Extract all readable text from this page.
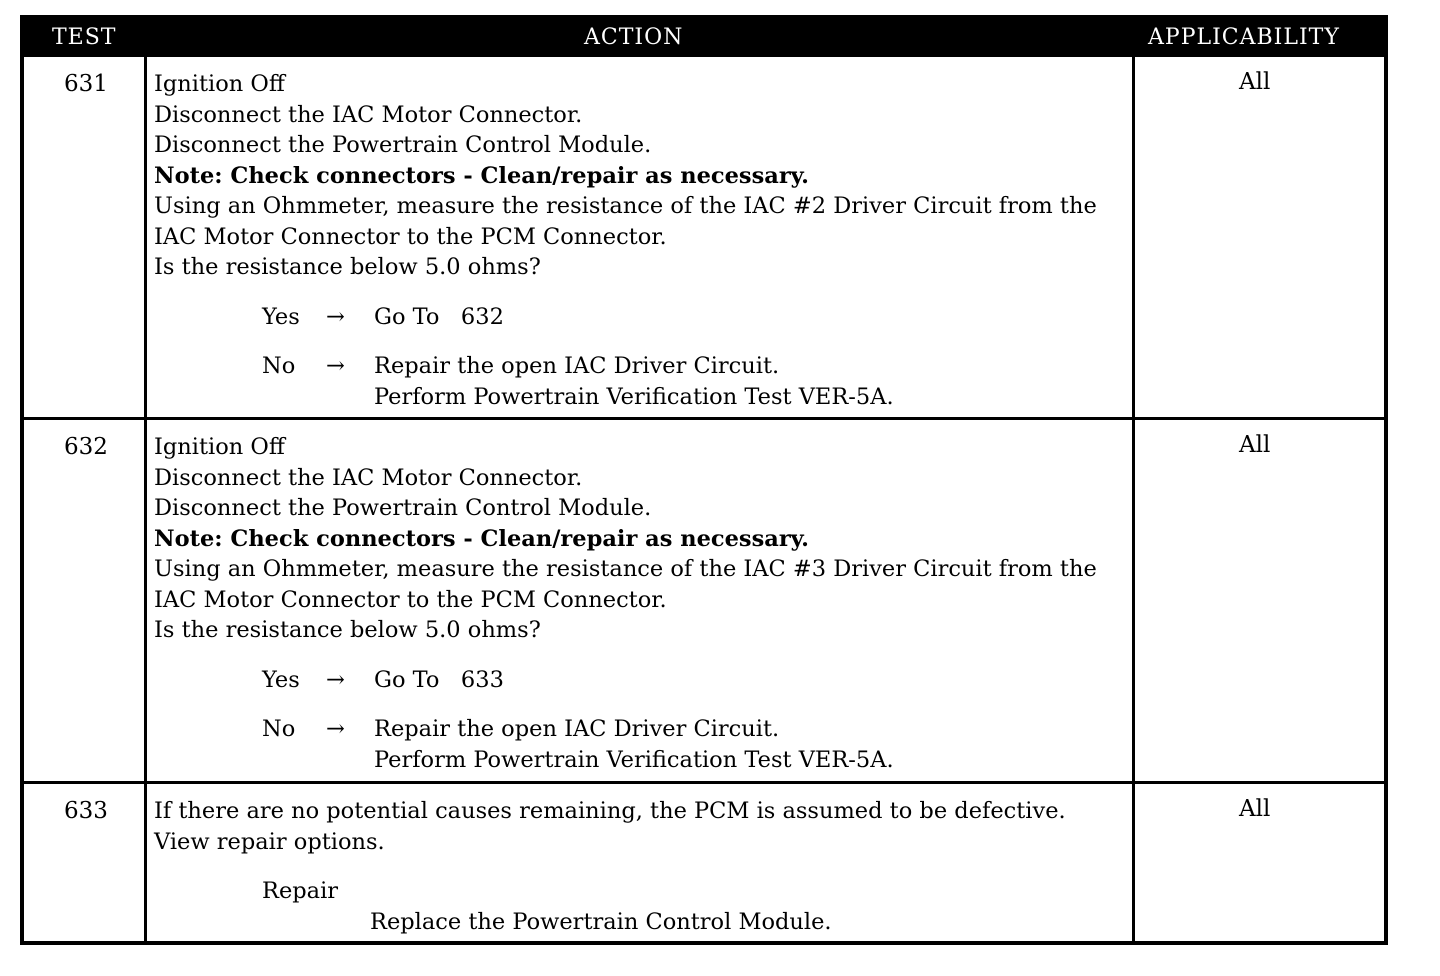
TEST	ACTION	APPLICABILITY
631 Ignition Off
Disconnect the IAC Motor Connector.
Disconnect the Powertrain Control Module.
Note: Check connectors - Clean/repair as necessary.
Using an Ohmmeter, measure the resistance of the IAC #2 Driver Circuit from the
IAC Motor Connector to the PCM Connector.
Is the resistance below 5.0 ohms?
Yes → Go To   632
No → Repair the open IAC Driver Circuit.
Perform Powertrain Verification Test VER-5A.
All
632 Ignition Off
Disconnect the IAC Motor Connector.
Disconnect the Powertrain Control Module.
Note: Check connectors - Clean/repair as necessary.
Using an Ohmmeter, measure the resistance of the IAC #3 Driver Circuit from the
IAC Motor Connector to the PCM Connector.
Is the resistance below 5.0 ohms?
Yes → Go To   633
No → Repair the open IAC Driver Circuit.
Perform Powertrain Verification Test VER-5A.
All
633 If there are no potential causes remaining, the PCM is assumed to be defective.
View repair options.
Repair
Replace the Powertrain Control Module.
All
